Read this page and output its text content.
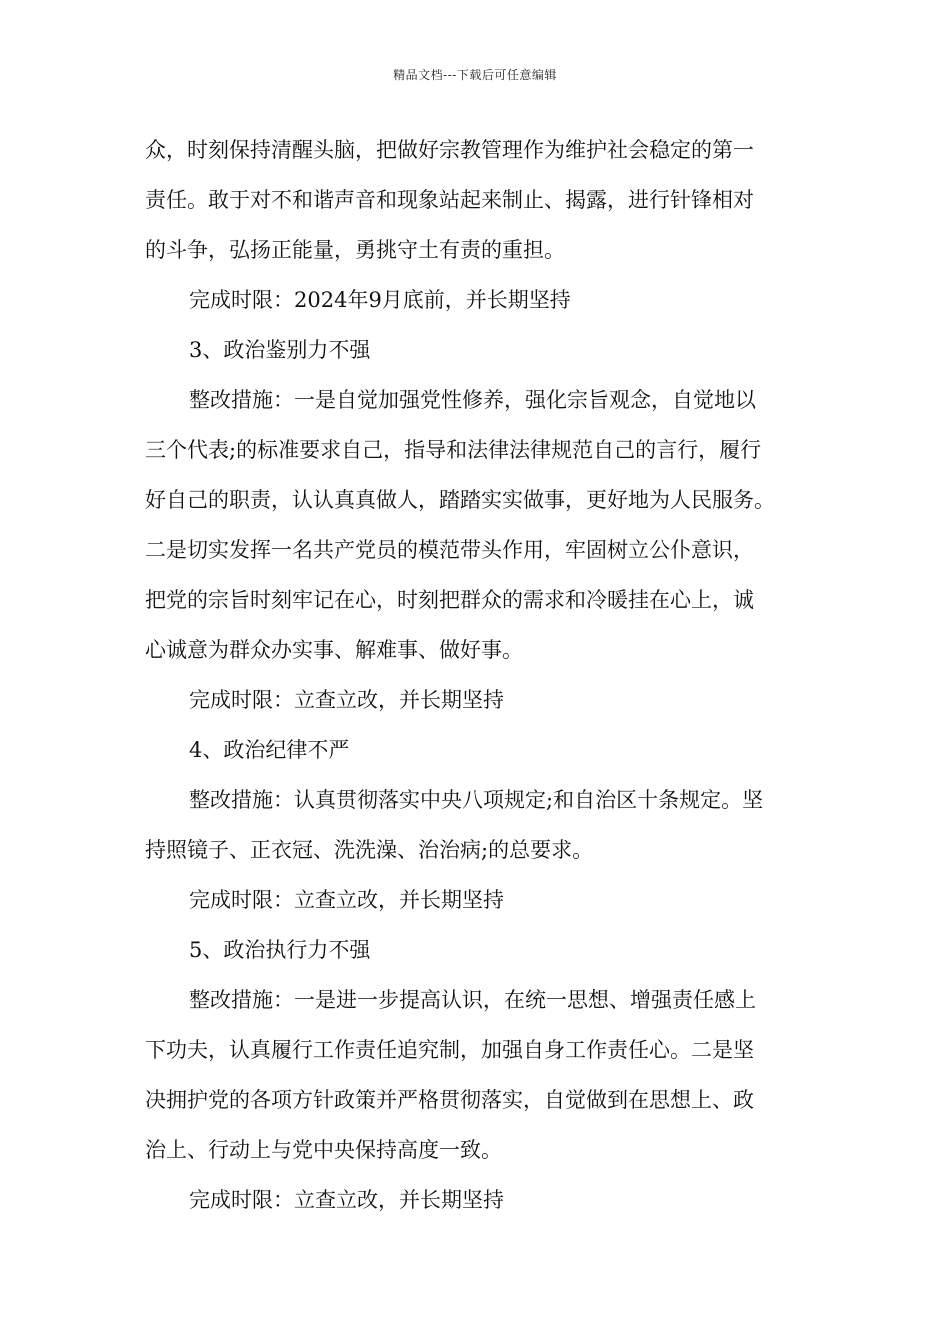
精品文档---下载后可任意编辑

众，时刻保持清醒头脑，把做好宗教管理作为维护社会稳定的第一

责任。敢于对不和谐声音和现象站起来制止、揭露，进行针锋相对

的斗争，弘扬正能量，勇挑守土有责的重担。

完成时限：2024年9月底前，并长期坚持

3、政治鉴别力不强

整改措施：一是自觉加强党性修养，强化宗旨观念，自觉地以

三个代表;的标准要求自己，指导和法律法律规范自己的言行，履行

好自己的职责，认认真真做人，踏踏实实做事，更好地为人民服务。

二是切实发挥一名共产党员的模范带头作用，牢固树立公仆意识，

把党的宗旨时刻牢记在心，时刻把群众的需求和冷暖挂在心上，诚

心诚意为群众办实事、解难事、做好事。

完成时限：立查立改，并长期坚持

4、政治纪律不严

整改措施：认真贯彻落实中央八项规定;和自治区十条规定。坚

持照镜子、正衣冠、洗洗澡、治治病;的总要求。

完成时限：立查立改，并长期坚持

5、政治执行力不强

整改措施：一是进一步提高认识，在统一思想、增强责任感上

下功夫，认真履行工作责任追究制，加强自身工作责任心。二是坚

决拥护党的各项方针政策并严格贯彻落实，自觉做到在思想上、政

治上、行动上与党中央保持高度一致。

完成时限：立查立改，并长期坚持
